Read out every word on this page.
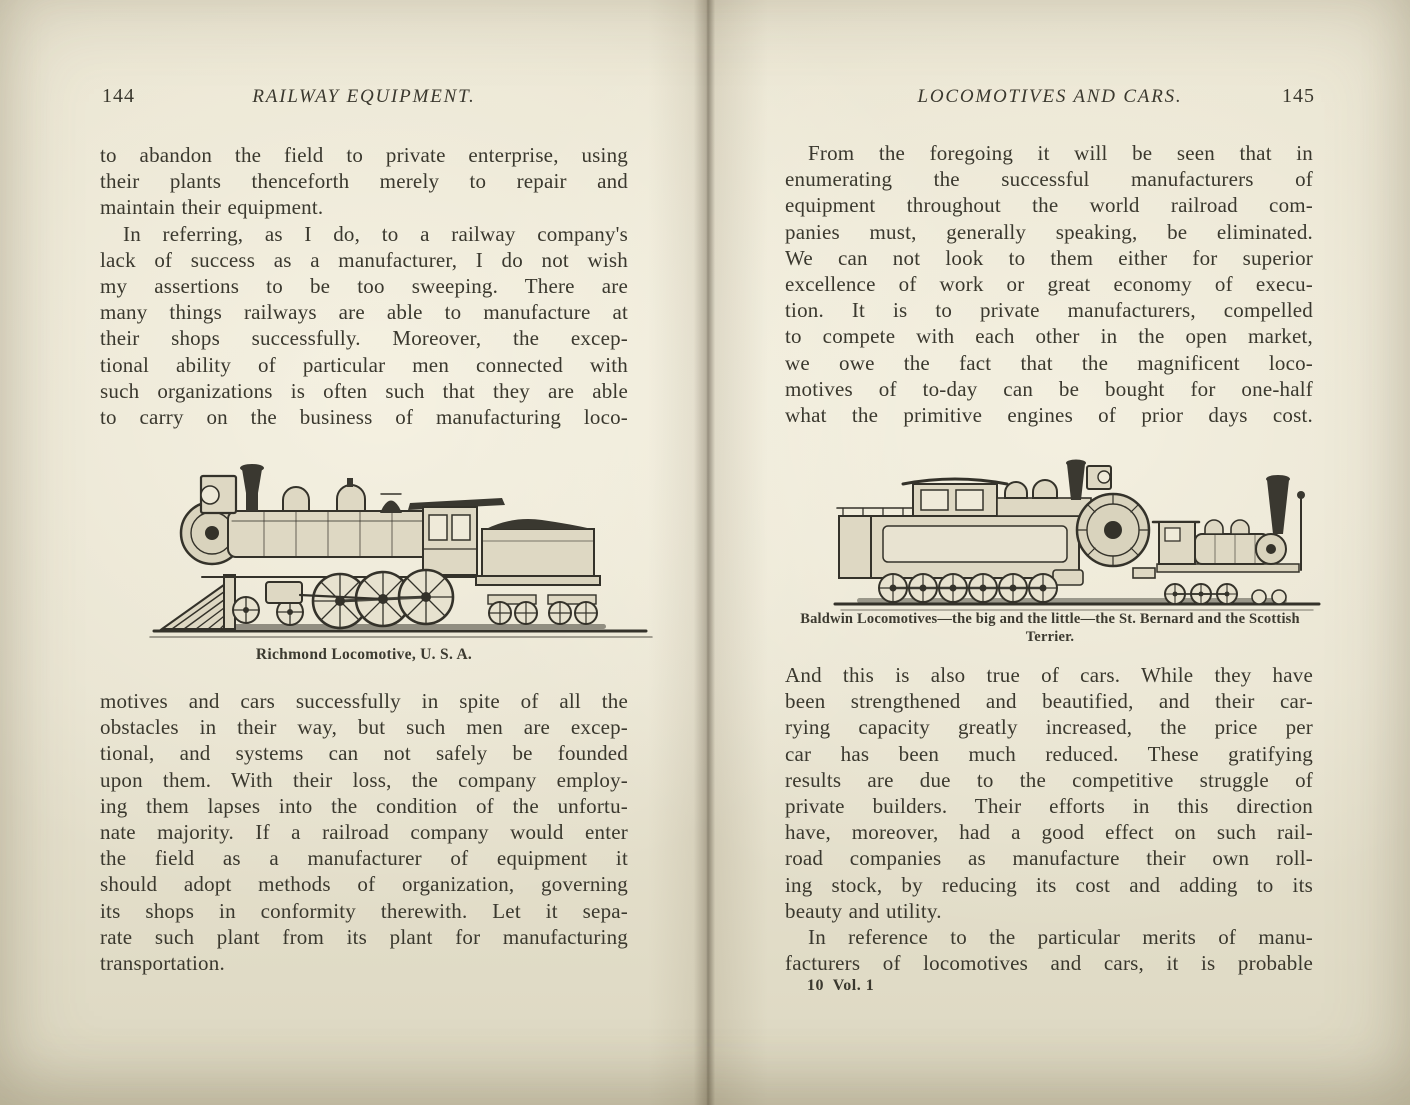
144	RAILWAY EQUIPMENT.
to abandon the field to private enterprise, using
their plants thenceforth merely to repair and
maintain their equipment.
In referring, as I do, to a railway company's
lack of success as a manufacturer, I do not wish
my assertions to be too sweeping. There are
many things railways are able to manufacture at
their shops successfully. Moreover, the excep-
tional ability of particular men connected with
such organizations is often such that they are able
to carry on the business of manufacturing loco-
Richmond Locomotive, U. S. A.
motives and cars successfully in spite of all the
obstacles in their way, but such men are excep-
tional, and systems can not safely be founded
upon them. With their loss, the company employ-
ing them lapses into the condition of the unfortu-
nate majority. If a railroad company would enter
the field as a manufacturer of equipment it
should adopt methods of organization, governing
its shops in conformity therewith. Let it sepa-
rate such plant from its plant for manufacturing
transportation.
LOCOMOTIVES AND CARS.	145
From the foregoing it will be seen that in
enumerating the successful manufacturers of
equipment throughout the world railroad com-
panies must, generally speaking, be eliminated.
We can not look to them either for superior
excellence of work or great economy of execu-
tion. It is to private manufacturers, compelled
to compete with each other in the open market,
we owe the fact that the magnificent loco-
motives of to-day can be bought for one-half
what the primitive engines of prior days cost.
Baldwin Locomotives—the big and the little—the St. Bernard and the Scottish
Terrier.
And this is also true of cars. While they have
been strengthened and beautified, and their car-
rying capacity greatly increased, the price per
car has been much reduced. These gratifying
results are due to the competitive struggle of
private builders. Their efforts in this direction
have, moreover, had a good effect on such rail-
road companies as manufacture their own roll-
ing stock, by reducing its cost and adding to its
beauty and utility.
In reference to the particular merits of manu-
facturers of locomotives and cars, it is probable
10  Vol. 1
